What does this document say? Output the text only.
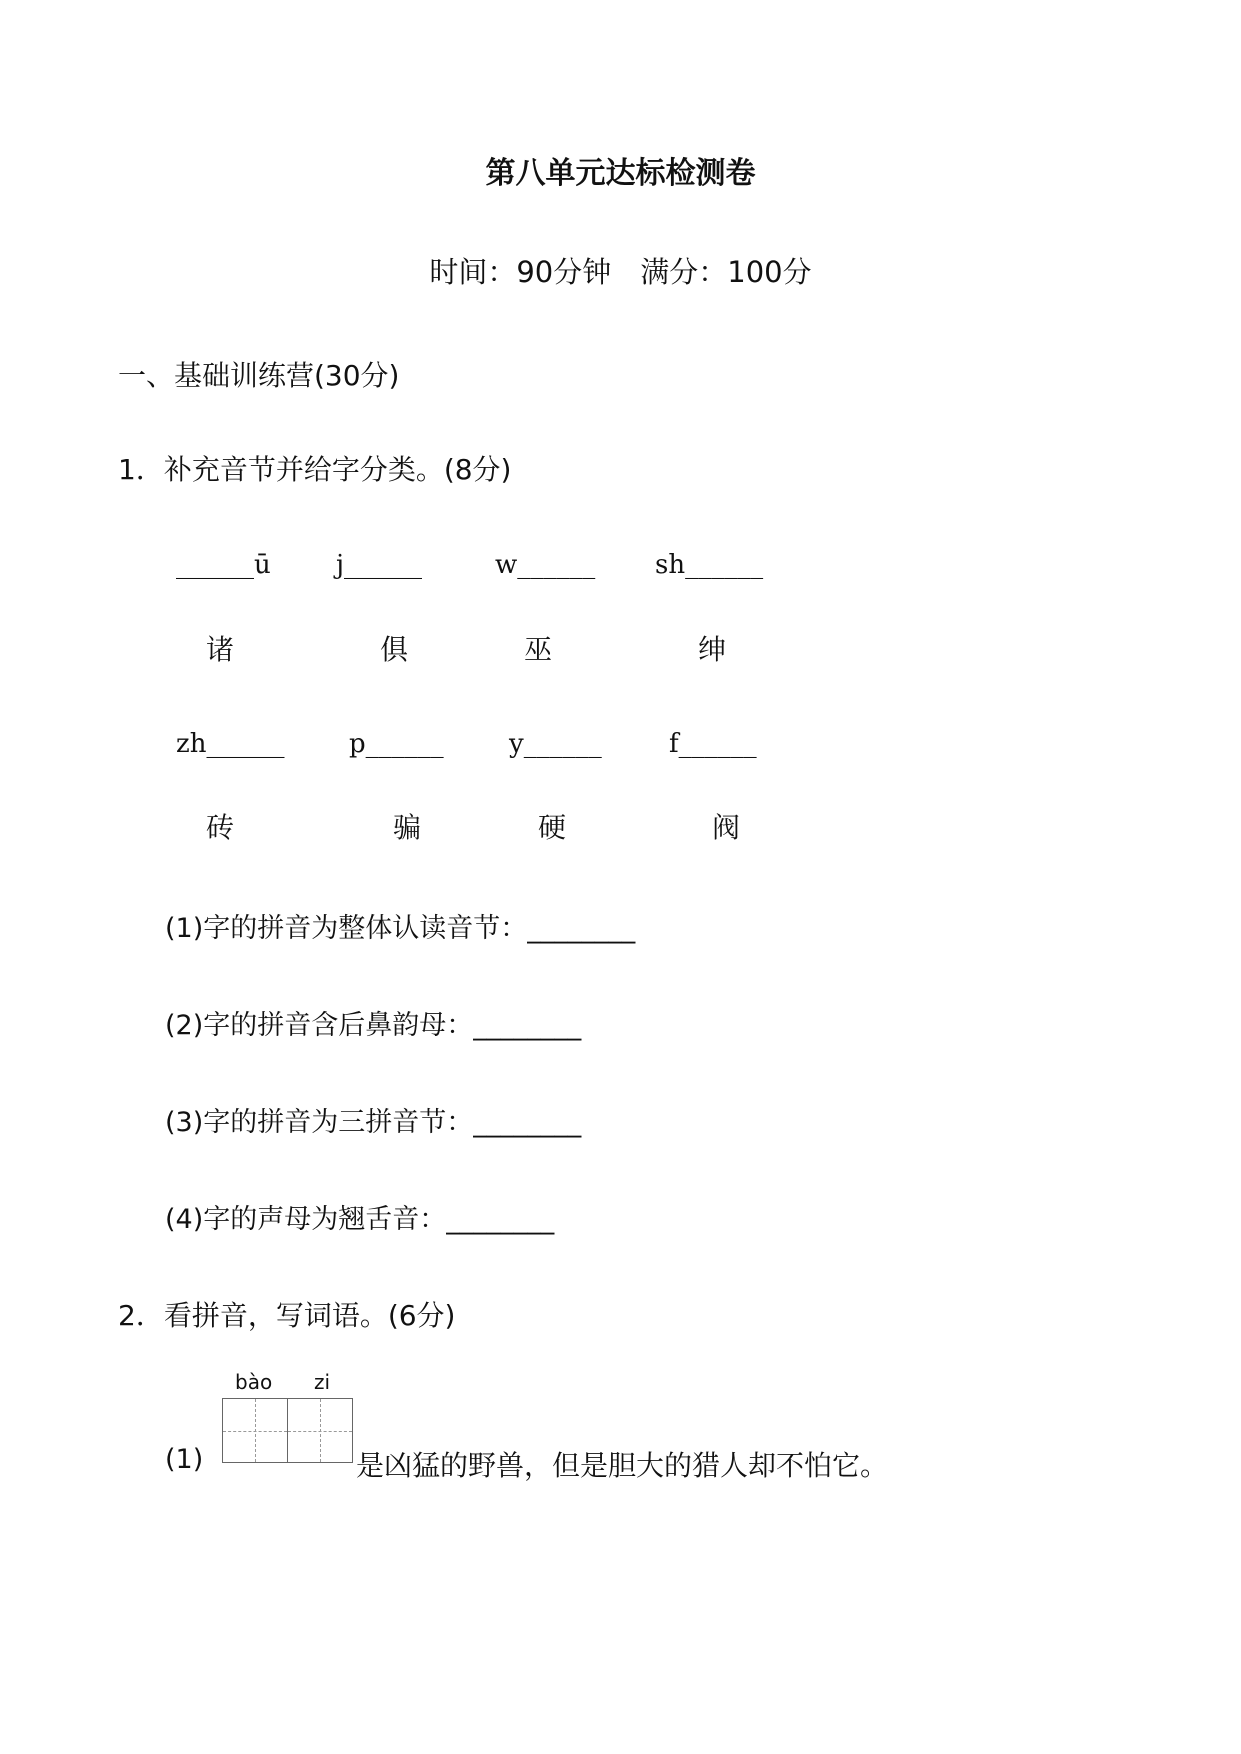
第八单元达标检测卷
时间：90分钟　满分：100分
一、基础训练营(30分)
1．补充音节并给字分类。(8分)
______ū	j______	w______ sh______
诸	俱	巫	绅
zh______ p______	y______	f______
砖	骗	硬	阀
(1)字的拼音为整体认读音节：________
(2)字的拼音含后鼻韵母：________
(3)字的拼音为三拼音节：________
(4)字的声母为翘舌音：________
2．看拼音，写词语。(6分)
bào zi
(1)	是凶猛的野兽，但是胆大的猎人却不怕它。
